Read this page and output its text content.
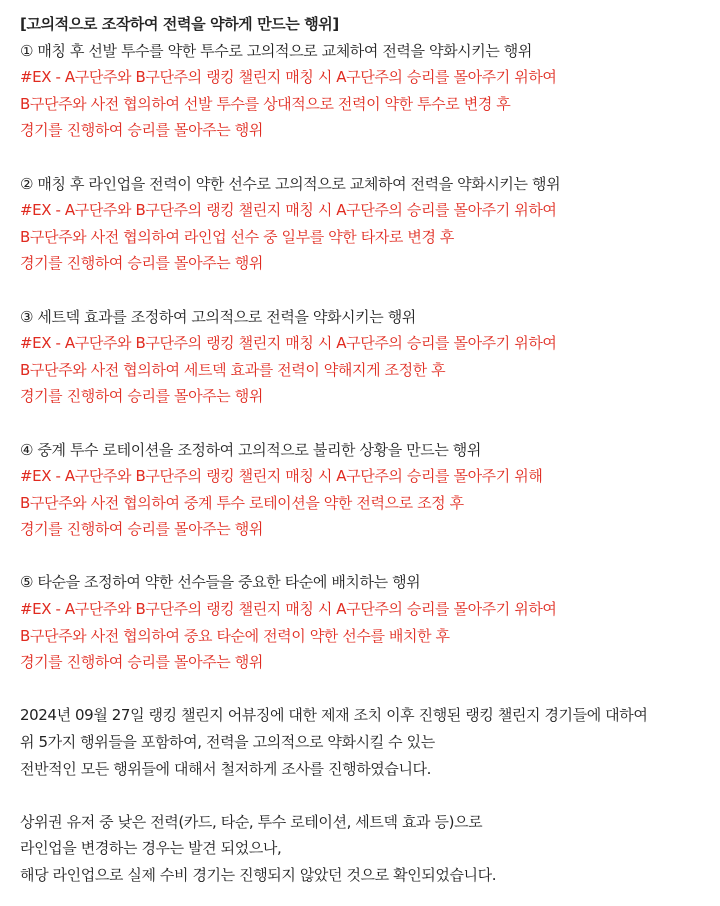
[고의적으로 조작하여 전력을 약하게 만드는 행위]
① 매칭 후 선발 투수를 약한 투수로 고의적으로 교체하여 전력을 약화시키는 행위
#EX - A구단주와 B구단주의 랭킹 챌린지 매칭 시 A구단주의 승리를 몰아주기 위하여
B구단주와 사전 협의하여 선발 투수를 상대적으로 전력이 약한 투수로 변경 후
경기를 진행하여 승리를 몰아주는 행위
② 매칭 후 라인업을 전력이 약한 선수로 고의적으로 교체하여 전력을 약화시키는 행위
#EX - A구단주와 B구단주의 랭킹 챌린지 매칭 시 A구단주의 승리를 몰아주기 위하여
B구단주와 사전 협의하여 라인업 선수 중 일부를 약한 타자로 변경 후
경기를 진행하여 승리를 몰아주는 행위
③ 세트덱 효과를 조정하여 고의적으로 전력을 약화시키는 행위
#EX - A구단주와 B구단주의 랭킹 챌린지 매칭 시 A구단주의 승리를 몰아주기 위하여
B구단주와 사전 협의하여 세트덱 효과를 전력이 약해지게 조정한 후
경기를 진행하여 승리를 몰아주는 행위
④ 중계 투수 로테이션을 조정하여 고의적으로 불리한 상황을 만드는 행위
#EX - A구단주와 B구단주의 랭킹 챌린지 매칭 시 A구단주의 승리를 몰아주기 위해
B구단주와 사전 협의하여 중계 투수 로테이션을 약한 전력으로 조정 후
경기를 진행하여 승리를 몰아주는 행위
⑤ 타순을 조정하여 약한 선수들을 중요한 타순에 배치하는 행위
#EX - A구단주와 B구단주의 랭킹 챌린지 매칭 시 A구단주의 승리를 몰아주기 위하여
B구단주와 사전 협의하여 중요 타순에 전력이 약한 선수를 배치한 후
경기를 진행하여 승리를 몰아주는 행위
2024년 09월 27일 랭킹 챌린지 어뷰징에 대한 제재 조치 이후 진행된 랭킹 챌린지 경기들에 대하여
위 5가지 행위들을 포함하여, 전력을 고의적으로 약화시킬 수 있는
전반적인 모든 행위들에 대해서 철저하게 조사를 진행하였습니다.
상위권 유저 중 낮은 전력(카드, 타순, 투수 로테이션, 세트덱 효과 등)으로
라인업을 변경하는 경우는 발견 되었으나,
해당 라인업으로 실제 수비 경기는 진행되지 않았던 것으로 확인되었습니다.
